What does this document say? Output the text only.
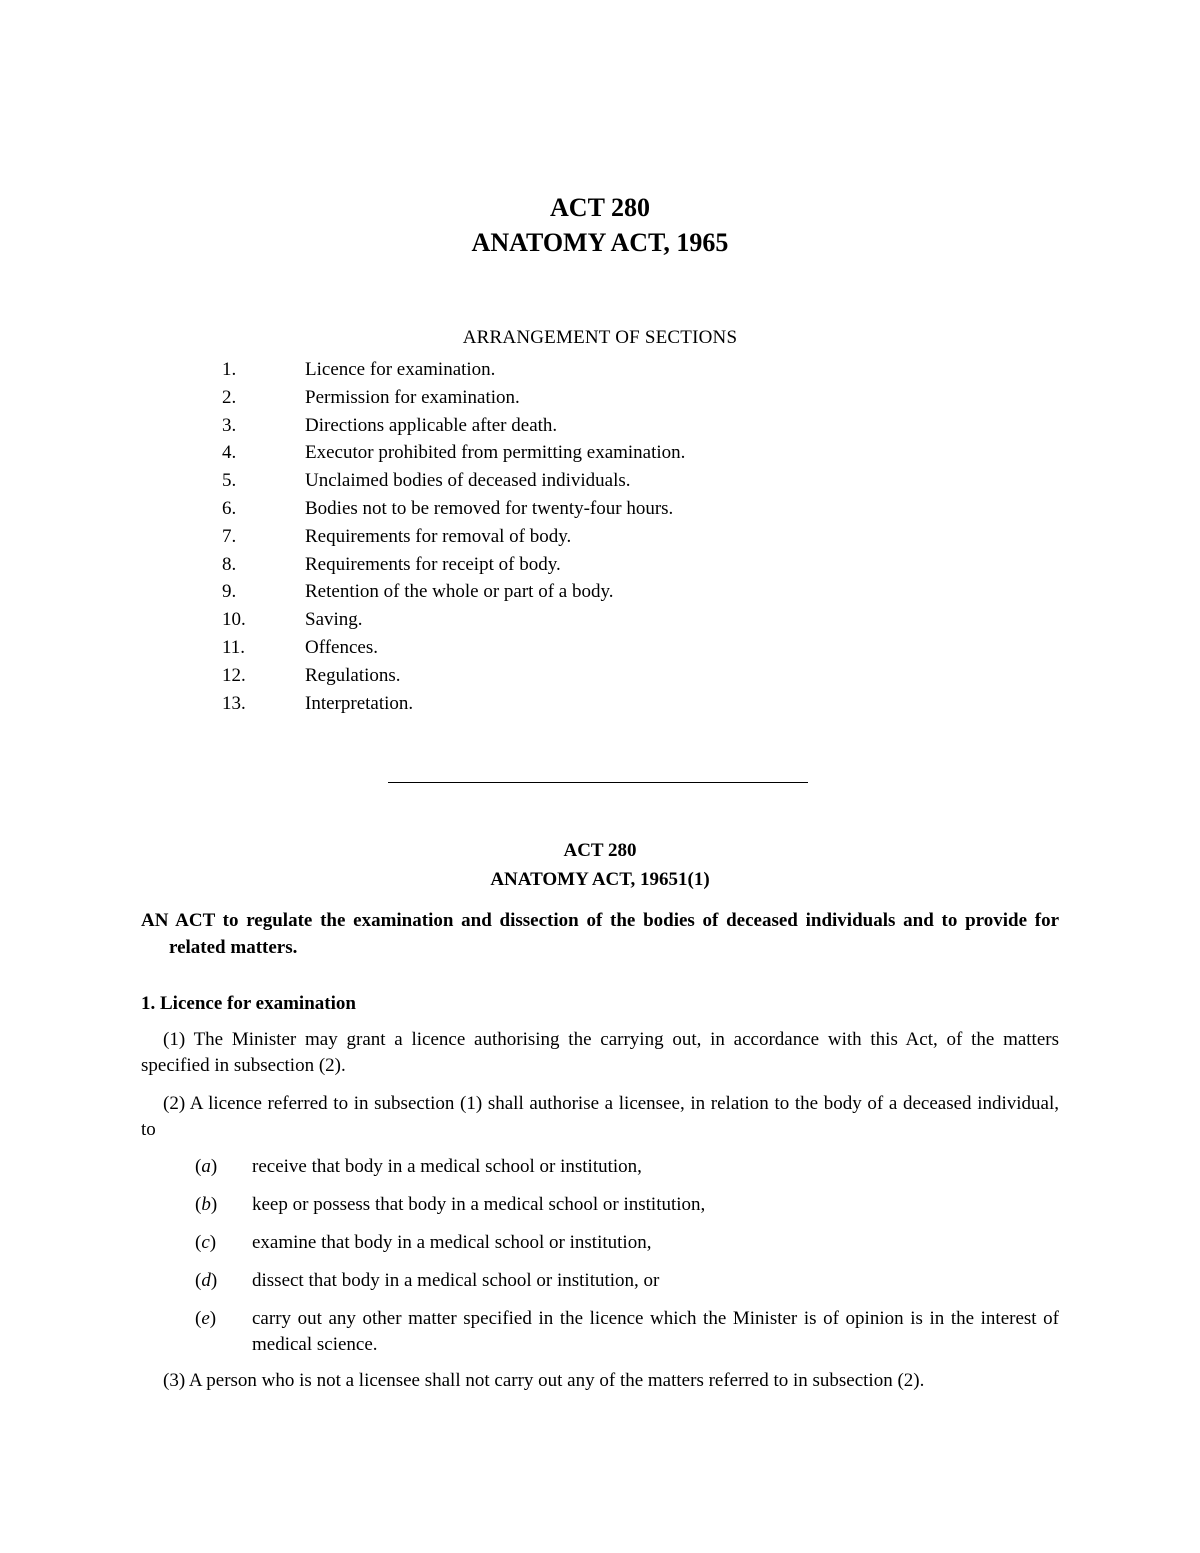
ACT 280
ANATOMY ACT, 1965
ARRANGEMENT OF SECTIONS
1.	Licence for examination.
2.	Permission for examination.
3.	Directions applicable after death.
4.	Executor prohibited from permitting examination.
5.	Unclaimed bodies of deceased individuals.
6.	Bodies not to be removed for twenty-four hours.
7.	Requirements for removal of body.
8.	Requirements for receipt of body.
9.	Retention of the whole or part of a body.
10.	Saving.
11.	Offences.
12.	Regulations.
13.	Interpretation.
ACT 280
ANATOMY ACT, 19651(1)
AN ACT to regulate the examination and dissection of the bodies of deceased individuals and to provide for related matters.
1. Licence for examination
(1) The Minister may grant a licence authorising the carrying out, in accordance with this Act, of the matters specified in subsection (2).
(2) A licence referred to in subsection (1) shall authorise a licensee, in relation to the body of a deceased individual, to
(a)	receive that body in a medical school or institution,
(b)	keep or possess that body in a medical school or institution,
(c)	examine that body in a medical school or institution,
(d)	dissect that body in a medical school or institution, or
(e)	carry out any other matter specified in the licence which the Minister is of opinion is in the interest of medical science.
(3) A person who is not a licensee shall not carry out any of the matters referred to in subsection (2).
